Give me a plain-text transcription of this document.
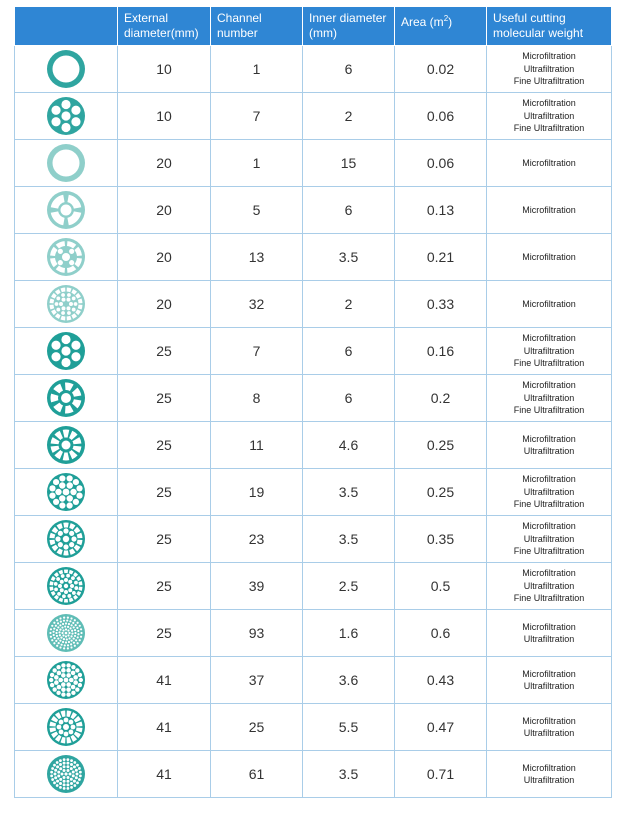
	External diameter(mm)	Channel number	Inner diameter (mm)	Area $(m^2)$	Useful cutting molecular weight

	10	1	6	0.02	Microfiltration
Ultrafiltration
Fine Ultrafiltration

	10	7	2	0.06	Microfiltration
Ultrafiltration
Fine Ultrafiltration

	20	1	15	0.06	Microfiltration

	20	5	6	0.13	Microfiltration

	20	13	3.5	0.21	Microfiltration

	20	32	2	0.33	Microfiltration

	25	7	6	0.16	Microfiltration
Ultrafiltration
Fine Ultrafiltration

	25	8	6	0.2	Microfiltration
Ultrafiltration
Fine Ultrafiltration

	25	11	4.6	0.25	Microfiltration
Ultrafiltration

	25	19	3.5	0.25	Microfiltration
Ultrafiltration
Fine Ultrafiltration

	25	23	3.5	0.35	Microfiltration
Ultrafiltration
Fine Ultrafiltration

	25	39	2.5	0.5	Microfiltration
Ultrafiltration
Fine Ultrafiltration

	25	93	1.6	0.6	Microfiltration
Ultrafiltration

	41	37	3.6	0.43	Microfiltration
Ultrafiltration

	41	25	5.5	0.47	Microfiltration
Ultrafiltration

	41	61	3.5	0.71	Microfiltration
Ultrafiltration
